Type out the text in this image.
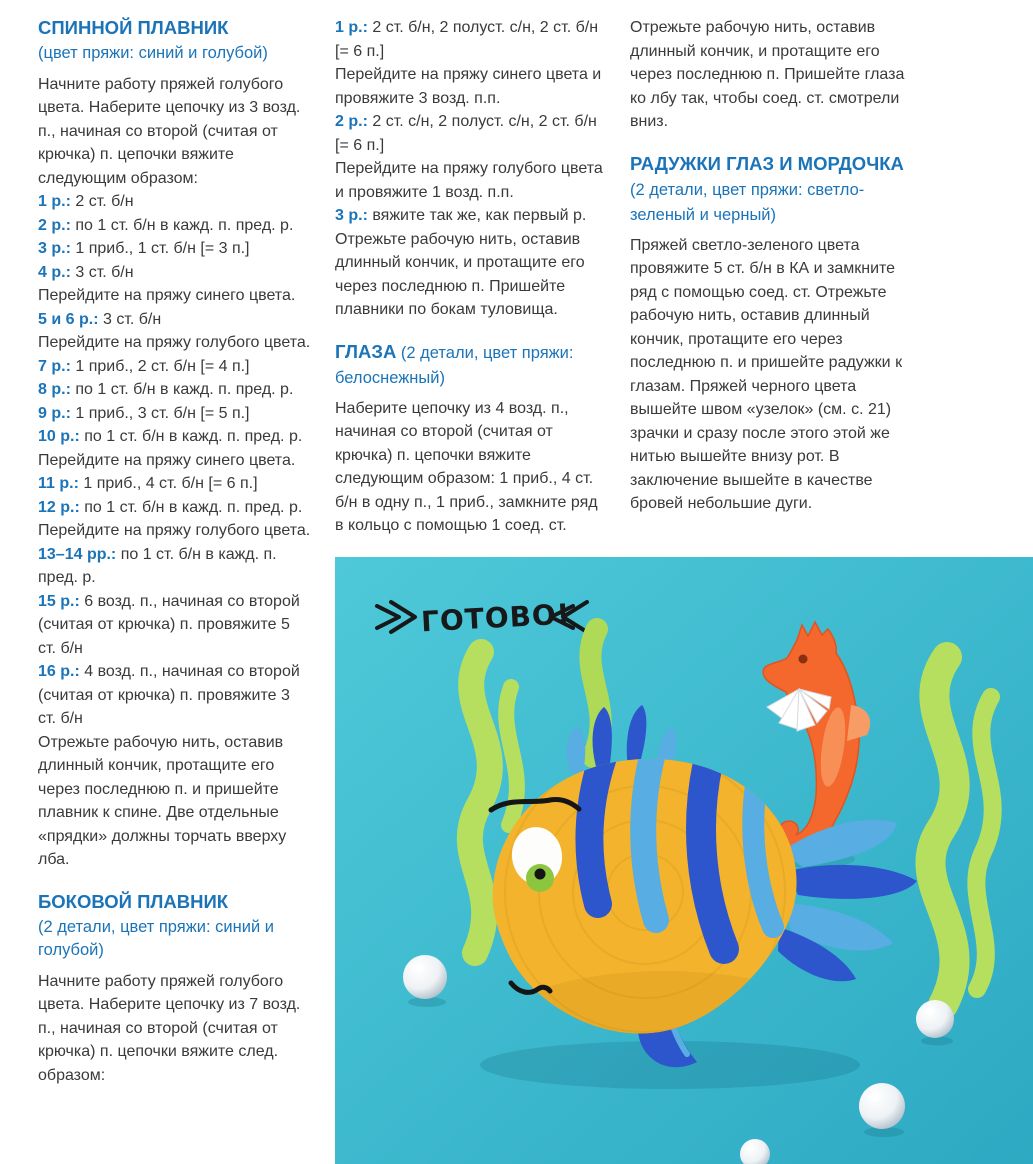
СПИННОЙ ПЛАВНИК
(цвет пряжи: синий и голубой)
Начните работу пряжей голубого цвета. Наберите цепочку из 3 возд. п., начиная со второй (считая от крючка) п. цепочки вяжите следующим образом:
1 р.: 2 ст. б/н
2 р.: по 1 ст. б/н в кажд. п. пред. р.
3 р.: 1 приб., 1 ст. б/н [= 3 п.]
4 р.: 3 ст. б/н
Перейдите на пряжу синего цвета.
5 и 6 р.: 3 ст. б/н
Перейдите на пряжу голубого цвета.
7 р.: 1 приб., 2 ст. б/н [= 4 п.]
8 р.: по 1 ст. б/н в кажд. п. пред. р.
9 р.: 1 приб., 3 ст. б/н [= 5 п.]
10 р.: по 1 ст. б/н в кажд. п. пред. р.
Перейдите на пряжу синего цвета.
11 р.: 1 приб., 4 ст. б/н [= 6 п.]
12 р.: по 1 ст. б/н в кажд. п. пред. р.
Перейдите на пряжу голубого цвета.
13–14 рр.: по 1 ст. б/н в кажд. п. пред. р.
15 р.: 6 возд. п., начиная со второй (считая от крючка) п. провяжите 5 ст. б/н
16 р.: 4 возд. п., начиная со второй (считая от крючка) п. провяжите 3 ст. б/н
Отрежьте рабочую нить, оставив длинный кончик, протащите его через последнюю п. и пришейте плавник к спине. Две отдельные «прядки» должны торчать вверху лба.
БОКОВОЙ ПЛАВНИК
(2 детали, цвет пряжи: синий и голубой)
Начните работу пряжей голубого цвета. Наберите цепочку из 7 возд. п., начиная со второй (считая от крючка) п. цепочки вяжите след. образом:
1 р.: 2 ст. б/н, 2 полуст. с/н, 2 ст. б/н [= 6 п.]
Перейдите на пряжу синего цвета и провяжите 3 возд. п.п.
2 р.: 2 ст. с/н, 2 полуст. с/н, 2 ст. б/н [= 6 п.]
Перейдите на пряжу голубого цвета и провяжите 1 возд. п.п.
3 р.: вяжите так же, как первый р.
Отрежьте рабочую нить, оставив длинный кончик, и протащите его через последнюю п. Пришейте плавники по бокам туловища.
ГЛАЗА (2 детали, цвет пряжи: белоснежный)
Наберите цепочку из 4 возд. п., начиная со второй (считая от крючка) п. цепочки вяжите следующим образом: 1 приб., 4 ст. б/н в одну п., 1 приб., замкните ряд в кольцо с помощью 1 соед. ст.
Отрежьте рабочую нить, оставив длинный кончик, и протащите его через последнюю п. Пришейте глаза ко лбу так, чтобы соед. ст. смотрели вниз.
РАДУЖКИ ГЛАЗ И МОРДОЧКА (2 детали, цвет пряжи: светло-зеленый и черный)
Пряжей светло-зеленого цвета провяжите 5 ст. б/н в КА и замкните ряд с помощью соед. ст. Отрежьте рабочую нить, оставив длинный кончик, протащите его через последнюю п. и пришейте радужки к глазам. Пряжей черного цвета вышейте швом «узелок» (см. с. 21) зрачки и сразу после этого этой же нитью вышейте внизу рот. В заключение вышейте в качестве бровей небольшие дуги.
ГОТОВО!
